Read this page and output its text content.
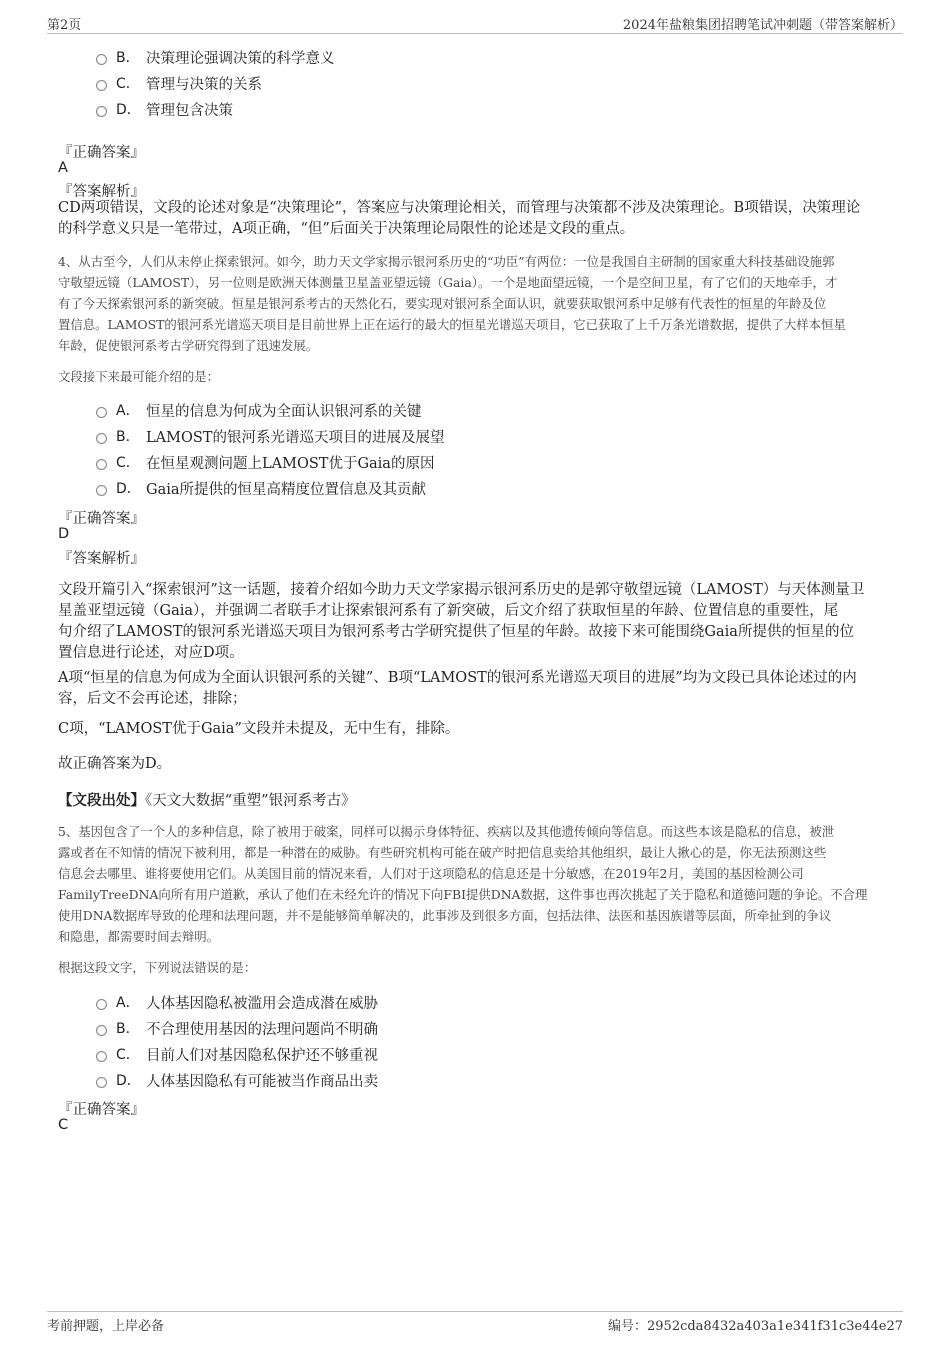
第2页	2024年盐粮集团招聘笔试冲刺题（带答案解析）
B． 决策理论强调决策的科学意义
C． 管理与决策的关系
D． 管理包含决策
『正确答案』
A
『答案解析』
CD两项错误，文段的论述对象是“决策理论”，答案应与决策理论相关，而管理与决策都不涉及决策理论。B项错误，决策理论
的科学意义只是一笔带过，A项正确，“但”后面关于决策理论局限性的论述是文段的重点。
4、从古至今，人们从未停止探索银河。如今，助力天文学家揭示银河系历史的“功臣”有两位：一位是我国自主研制的国家重大科技基础设施郭
守敬望远镜（LAMOST），另一位则是欧洲天体测量卫星盖亚望远镜（Gaia）。一个是地面望远镜，一个是空间卫星，有了它们的天地牵手，才
有了今天探索银河系的新突破。恒星是银河系考古的天然化石，要实现对银河系全面认识，就要获取银河系中足够有代表性的恒星的年龄及位
置信息。LAMOST的银河系光谱巡天项目是目前世界上正在运行的最大的恒星光谱巡天项目，它已获取了上千万条光谱数据，提供了大样本恒星
年龄，促使银河系考古学研究得到了迅速发展。
文段接下来最可能介绍的是：
A． 恒星的信息为何成为全面认识银河系的关键
B． LAMOST的银河系光谱巡天项目的进展及展望
C． 在恒星观测问题上LAMOST优于Gaia的原因
D． Gaia所提供的恒星高精度位置信息及其贡献
『正确答案』
D
『答案解析』
文段开篇引入“探索银河”这一话题，接着介绍如今助力天文学家揭示银河系历史的是郭守敬望远镜（LAMOST）与天体测量卫
星盖亚望远镜（Gaia），并强调二者联手才让探索银河系有了新突破，后文介绍了获取恒星的年龄、位置信息的重要性，尾
句介绍了LAMOST的银河系光谱巡天项目为银河系考古学研究提供了恒星的年龄。故接下来可能围绕Gaia所提供的恒星的位
置信息进行论述，对应D项。
A项“恒星的信息为何成为全面认识银河系的关键”、B项“LAMOST的银河系光谱巡天项目的进展”均为文段已具体论述过的内
容，后文不会再论述，排除；
C项，“LAMOST优于Gaia”文段并未提及，无中生有，排除。
故正确答案为D。
【文段出处】《天文大数据“重塑”银河系考古》
5、基因包含了一个人的多种信息，除了被用于破案，同样可以揭示身体特征、疾病以及其他遗传倾向等信息。而这些本该是隐私的信息，被泄
露或者在不知情的情况下被利用，都是一种潜在的威胁。有些研究机构可能在破产时把信息卖给其他组织，最让人揪心的是，你无法预测这些
信息会去哪里、谁将要使用它们。从美国目前的情况来看，人们对于这项隐私的信息还是十分敏感，在2019年2月，美国的基因检测公司
FamilyTreeDNA向所有用户道歉，承认了他们在未经允许的情况下向FBI提供DNA数据，这件事也再次挑起了关于隐私和道德问题的争论。不合理
使用DNA数据库导致的伦理和法理问题，并不是能够简单解决的，此事涉及到很多方面，包括法律、法医和基因族谱等层面，所牵扯到的争议
和隐患，都需要时间去辩明。
根据这段文字，下列说法错误的是：
A． 人体基因隐私被滥用会造成潜在威胁
B． 不合理使用基因的法理问题尚不明确
C． 目前人们对基因隐私保护还不够重视
D． 人体基因隐私有可能被当作商品出卖
『正确答案』
C
考前押题，上岸必备	编号：2952cda8432a403a1e341f31c3e44e27
